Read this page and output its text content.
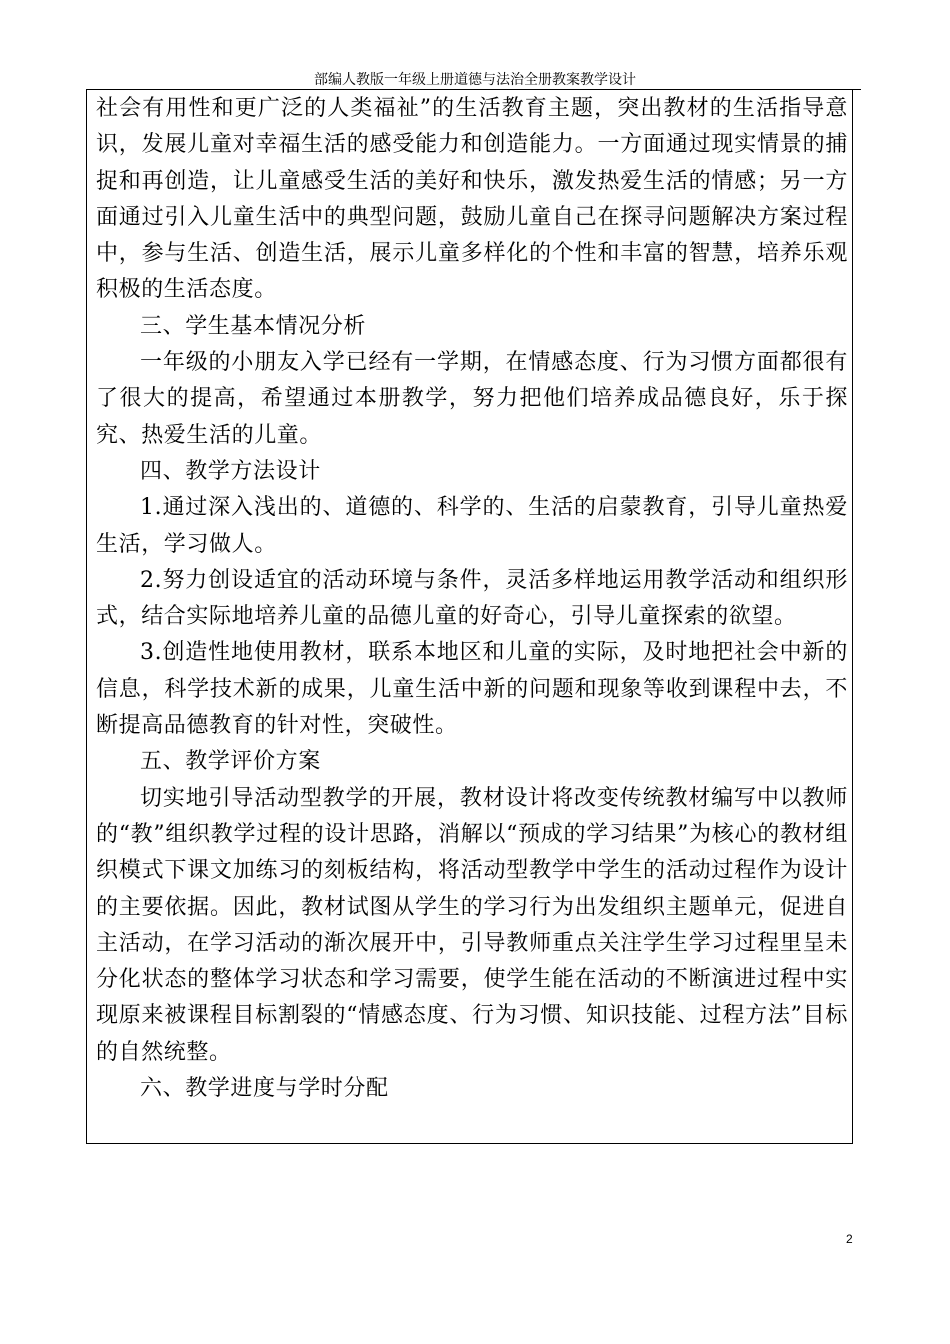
部编人教版一年级上册道德与法治全册教案教学设计

社会有用性和更广泛的人类福祉”的生活教育主题，突出教材的生活指导意识，发展儿童对幸福生活的感受能力和创造能力。一方面通过现实情景的捕捉和再创造，让儿童感受生活的美好和快乐，激发热爱生活的情感；另一方面通过引入儿童生活中的典型问题，鼓励儿童自己在探寻问题解决方案过程中，参与生活、创造生活，展示儿童多样化的个性和丰富的智慧，培养乐观积极的生活态度。

三、学生基本情况分析

一年级的小朋友入学已经有一学期，在情感态度、行为习惯方面都很有了很大的提高，希望通过本册教学，努力把他们培养成品德良好，乐于探究、热爱生活的儿童。

四、教学方法设计

1.通过深入浅出的、道德的、科学的、生活的启蒙教育，引导儿童热爱生活，学习做人。

2.努力创设适宜的活动环境与条件，灵活多样地运用教学活动和组织形式，结合实际地培养儿童的品德儿童的好奇心，引导儿童探索的欲望。

3.创造性地使用教材，联系本地区和儿童的实际，及时地把社会中新的信息，科学技术新的成果，儿童生活中新的问题和现象等收到课程中去，不断提高品德教育的针对性，突破性。

五、教学评价方案

切实地引导活动型教学的开展，教材设计将改变传统教材编写中以教师的“教”组织教学过程的设计思路，消解以“预成的学习结果”为核心的教材组织模式下课文加练习的刻板结构，将活动型教学中学生的活动过程作为设计的主要依据。因此，教材试图从学生的学习行为出发组织主题单元，促进自主活动，在学习活动的渐次展开中，引导教师重点关注学生学习过程里呈未分化状态的整体学习状态和学习需要，使学生能在活动的不断演进过程中实现原来被课程目标割裂的“情感态度、行为习惯、知识技能、过程方法”目标的自然统整。

六、教学进度与学时分配

2
